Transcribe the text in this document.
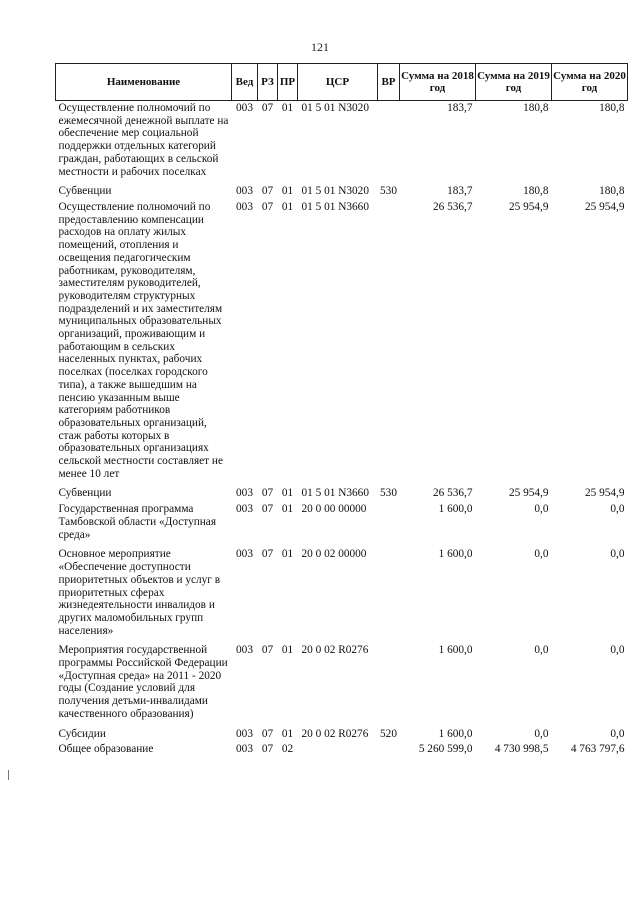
121
Наименование	Вед	РЗ	ПР	ЦСР	ВР	Сумма на 2018 год	Сумма на 2019 год	Сумма на 2020 год
Осуществление полномочий по ежемесячной денежной выплате на обеспечение мер социальной поддержки отдельных категорий граждан, работающих в сельской местности и рабочих поселках	003	07	01	01 5 01 N3020		183,7	180,8	180,8
Субвенции	003	07	01	01 5 01 N3020	530	183,7	180,8	180,8
Осуществление полномочий по предоставлению компенсации расходов на оплату жилых помещений, отопления и освещения педагогическим работникам, руководителям, заместителям руководителей, руководителям структурных подразделений и их заместителям муниципальных образовательных организаций, проживающим и работающим в сельских населенных пунктах, рабочих поселках (поселках городского типа), а также вышедшим на пенсию указанным выше категориям работников образовательных организаций, стаж работы которых в образовательных организациях сельской местности составляет не менее 10 лет	003	07	01	01 5 01 N3660		26 536,7	25 954,9	25 954,9
Субвенции	003	07	01	01 5 01 N3660	530	26 536,7	25 954,9	25 954,9
Государственная программа Тамбовской области «Доступная среда»	003	07	01	20 0 00 00000		1 600,0	0,0	0,0
Основное мероприятие «Обеспечение доступности приоритетных объектов и услуг в приоритетных сферах жизнедеятельности инвалидов и других маломобильных групп населения»	003	07	01	20 0 02 00000		1 600,0	0,0	0,0
Мероприятия государственной программы Российской Федерации «Доступная среда» на 2011 - 2020 годы (Создание условий для получения детьми-инвалидами качественного образования)	003	07	01	20 0 02 R0276		1 600,0	0,0	0,0
Субсидии	003	07	01	20 0 02 R0276	520	1 600,0	0,0	0,0
Общее образование	003	07	02			5 260 599,0	4 730 998,5	4 763 797,6
